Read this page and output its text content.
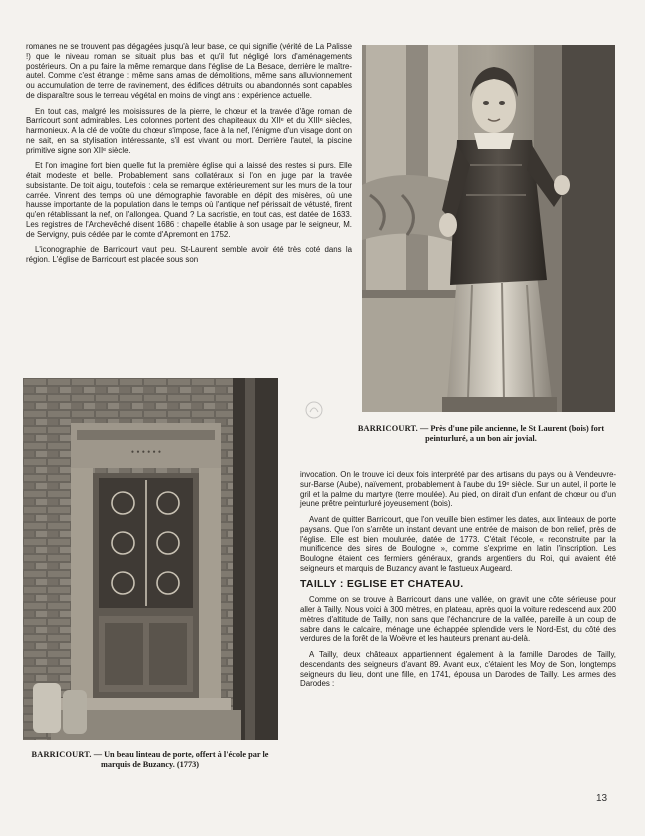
romanes ne se trouvent pas dégagées jusqu'à leur base, ce qui signifie (vérité de La Palisse !) que le niveau roman se situait plus bas et qu'il fut négligé lors d'aménagements postérieurs. On a pu faire la même remarque dans l'église de La Besace, derrière le maître-autel. Comme c'est étrange : même sans amas de démolitions, même sans alluvionnement ou accumulation de terre de ravinement, des édifices détruits ou abandonnés sont capables de disparaître sous le terreau végétal en moins de vingt ans : expérience actuelle.

En tout cas, malgré les moisissures de la pierre, le chœur et la travée d'âge roman de Barricourt sont admirables. Les colonnes portent des chapiteaux du XIIᵉ et du XIIIᵉ siècles, harmonieux. A la clé de voûte du chœur s'impose, face à la nef, l'énigme d'un visage dont on ne sait, en sa stylisation intéressante, s'il est vivant ou mort. Derrière l'autel, la piscine primitive signe son XIIᵉ siècle.

Et l'on imagine fort bien quelle fut la première église qui a laissé des restes si purs. Elle était modeste et belle. Probablement sans collatéraux si l'on en juge par la travée subsistante. De toit aigu, toutefois : cela se remarque extérieurement sur les murs de la tour carrée. Vinrent des temps où une démographie favorable en dépit des misères, où une hausse importante de la population dans le temps où l'antique nef périssait de vétusté, firent qu'en rétablissant la nef, on l'allongea. Quand ? La sacristie, en tout cas, est datée de 1633. Les registres de l'Archevêché disent 1686 : chapelle établie à son usage par le seigneur, M. de Servigny, puis cédée par le comte d'Apremont en 1752.

L'iconographie de Barricourt vaut peu. St-Laurent semble avoir été très coté dans la région. L'église de Barricourt est placée sous son

BARRICOURT. — Près d'une pile ancienne, le St Laurent (bois) fort peinturluré, a un bon air jovial.
• • • • • •
BARRICOURT. — Un beau linteau de porte, offert à l'école par le marquis de Buzancy. (1773)

invocation. On le trouve ici deux fois interprété par des artisans du pays ou à Vendeuvre-sur-Barse (Aube), naïvement, probablement à l'aube du 19ᵉ siècle. Sur un autel, il porte le gril et la palme du martyre (terre moulée). Au pied, on dirait d'un enfant de chœur ou d'un jeune prêtre peinturluré joyeusement (bois).

Avant de quitter Barricourt, que l'on veuille bien estimer les dates, aux linteaux de porte paysans. Que l'on s'arrête un instant devant une entrée de maison de bon relief, près de l'église. Elle est bien moulurée, datée de 1773. C'était l'école, « reconstruite par la munificence des sires de Boulogne », comme s'exprime en latin l'inscription. Les Boulogne étaient ces fermiers généraux, grands argentiers du Roi, qui avaient été seigneurs et marquis de Buzancy avant le fastueux Augeard.

TAILLY : EGLISE ET CHATEAU.

Comme on se trouve à Barricourt dans une vallée, on gravit une côte sérieuse pour aller à Tailly. Nous voici à 300 mètres, en plateau, après quoi la voiture redescend aux 200 mètres d'altitude de Tailly, non sans que l'échancrure de la vallée, pareille à un coup de sabre dans le calcaire, ménage une échappée splendide vers le Nord-Est, du côté des verdures de la forêt de la Woëvre et les hauteurs prenant au-delà.

A Tailly, deux châteaux appartiennent également à la famille Darodes de Tailly, descendants des seigneurs d'avant 89. Avant eux, c'étaient les Moy de Son, longtemps seigneurs du lieu, dont une fille, en 1741, épousa un Darodes de Tailly. Les armes des Darodes :

13
